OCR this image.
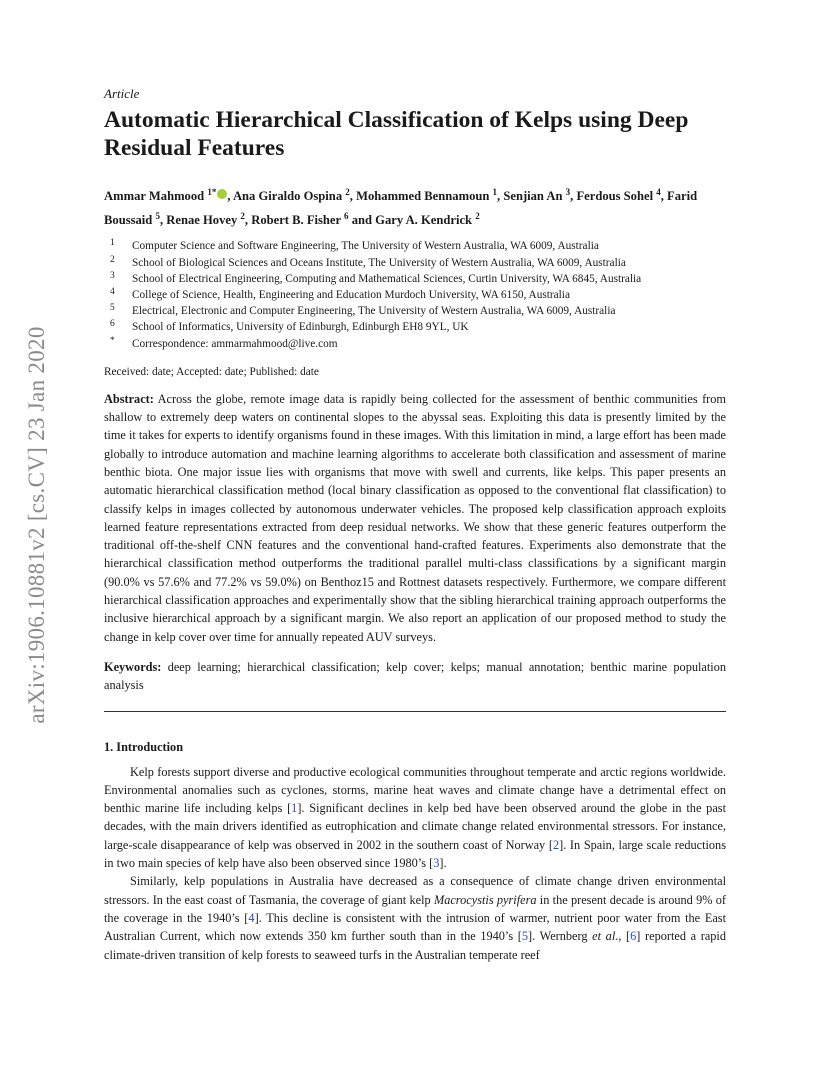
arXiv:1906.10881v2 [cs.CV] 23 Jan 2020

Article

Automatic Hierarchical Classification of Kelps using Deep Residual Features

Ammar Mahmood $^{1*}$ , Ana Giraldo Ospina $^2$, Mohammed Bennamoun $^1$, Senjian An $^3$, Ferdous Sohel $^4$, Farid Boussaid $^5$, Renae Hovey $^2$, Robert B. Fisher $^6$ and Gary A. Kendrick $^2$

1 Computer Science and Software Engineering, The University of Western Australia, WA 6009, Australia
2 School of Biological Sciences and Oceans Institute, The University of Western Australia, WA 6009, Australia
3 School of Electrical Engineering, Computing and Mathematical Sciences, Curtin University, WA 6845, Australia
4 College of Science, Health, Engineering and Education Murdoch University, WA 6150, Australia
5 Electrical, Electronic and Computer Engineering, The University of Western Australia, WA 6009, Australia
6 School of Informatics, University of Edinburgh, Edinburgh EH8 9YL, UK
* Correspondence: ammarmahmood@live.com

Received: date; Accepted: date; Published: date

Abstract: Across the globe, remote image data is rapidly being collected for the assessment of benthic communities from shallow to extremely deep waters on continental slopes to the abyssal seas. Exploiting this data is presently limited by the time it takes for experts to identify organisms found in these images. With this limitation in mind, a large effort has been made globally to introduce automation and machine learning algorithms to accelerate both classification and assessment of marine benthic biota. One major issue lies with organisms that move with swell and currents, like kelps. This paper presents an automatic hierarchical classification method (local binary classification as opposed to the conventional flat classification) to classify kelps in images collected by autonomous underwater vehicles. The proposed kelp classification approach exploits learned feature representations extracted from deep residual networks. We show that these generic features outperform the traditional off-the-shelf CNN features and the conventional hand-crafted features. Experiments also demonstrate that the hierarchical classification method outperforms the traditional parallel multi-class classifications by a significant margin (90.0% vs 57.6% and 77.2% vs 59.0%) on Benthoz15 and Rottnest datasets respectively. Furthermore, we compare different hierarchical classification approaches and experimentally show that the sibling hierarchical training approach outperforms the inclusive hierarchical approach by a significant margin. We also report an application of our proposed method to study the change in kelp cover over time for annually repeated AUV surveys.

Keywords: deep learning; hierarchical classification; kelp cover; kelps; manual annotation; benthic marine population analysis

1. Introduction

Kelp forests support diverse and productive ecological communities throughout temperate and arctic regions worldwide. Environmental anomalies such as cyclones, storms, marine heat waves and climate change have a detrimental effect on benthic marine life including kelps [1]. Significant declines in kelp bed have been observed around the globe in the past decades, with the main drivers identified as eutrophication and climate change related environmental stressors. For instance, large-scale disappearance of kelp was observed in 2002 in the southern coast of Norway [2]. In Spain, large scale reductions in two main species of kelp have also been observed since 1980’s [3].

Similarly, kelp populations in Australia have decreased as a consequence of climate change driven environmental stressors. In the east coast of Tasmania, the coverage of giant kelp Macrocystis pyrifera in the present decade is around 9% of the coverage in the 1940’s [4]. This decline is consistent with the intrusion of warmer, nutrient poor water from the East Australian Current, which now extends 350 km further south than in the 1940’s [5]. Wernberg et al., [6] reported a rapid climate-driven transition of kelp forests to seaweed turfs in the Australian temperate reef
